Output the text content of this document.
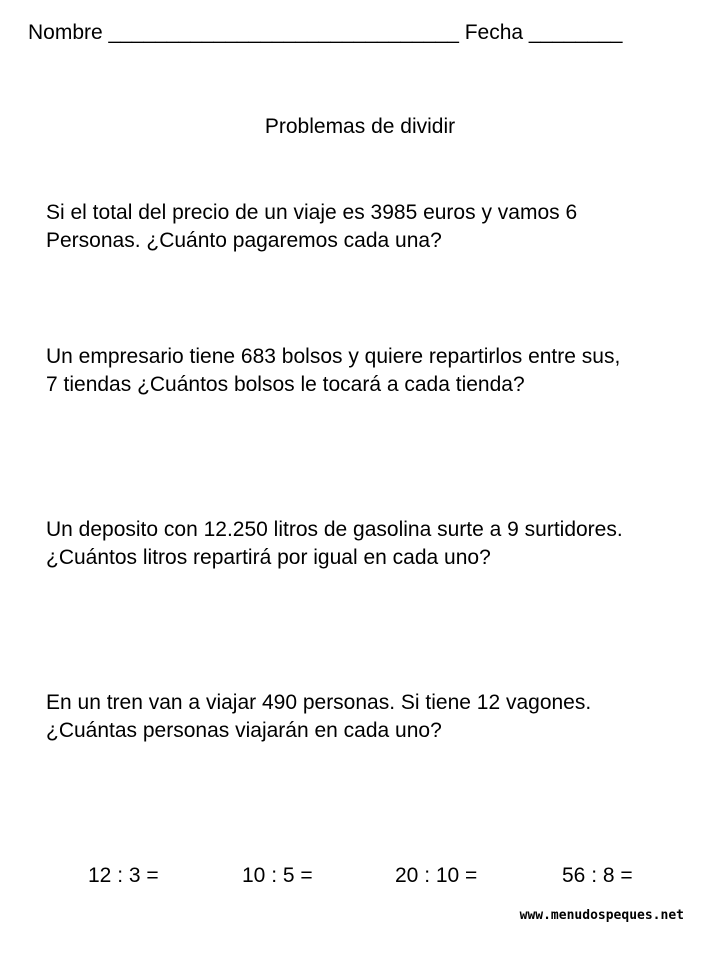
Nombre ______________________________ Fecha ________
Problemas de dividir
Si el total del precio de un viaje es 3985 euros y vamos 6
Personas. ¿Cuánto pagaremos cada una?
Un empresario tiene 683 bolsos y quiere repartirlos entre sus,
7 tiendas ¿Cuántos bolsos le tocará a cada tienda?
Un deposito con 12.250 litros de gasolina surte a 9 surtidores.
¿Cuántos litros repartirá por igual en cada uno?
En un tren van a viajar 490 personas. Si tiene 12 vagones.
¿Cuántas personas viajarán en cada uno?
12 : 3 =	10 : 5 =	20 : 10 =	56 : 8 =
www.menudospeques.net
